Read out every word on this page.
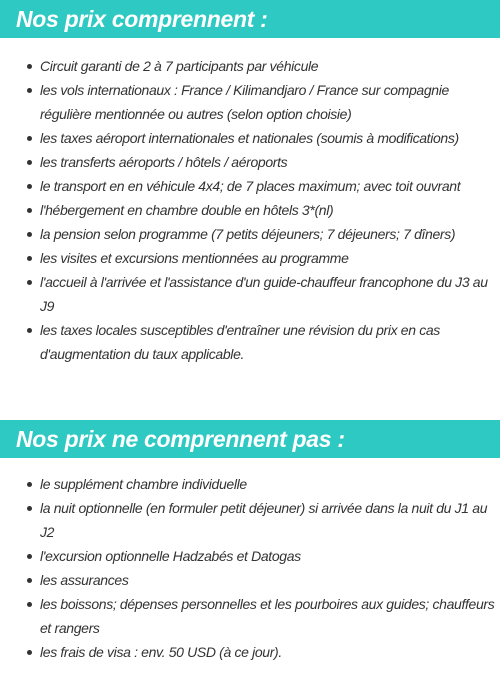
Nos prix comprennent :
Circuit garanti de 2 à 7 participants par véhicule
les vols internationaux : France / Kilimandjaro / France sur compagnie régulière mentionnée ou autres (selon option choisie)
les taxes aéroport internationales et nationales (soumis à modifications)
les transferts aéroports / hôtels / aéroports
le transport en en véhicule 4x4; de 7 places maximum; avec toit ouvrant
l'hébergement en chambre double en hôtels 3*(nl)
la pension selon programme (7 petits déjeuners; 7 déjeuners; 7 dîners)
les visites et excursions mentionnées au programme
l'accueil à l'arrivée et l'assistance d'un guide-chauffeur francophone du J3 au J9
les taxes locales susceptibles d'entraîner une révision du prix en cas d'augmentation du taux applicable.
Nos prix ne comprennent pas :
le supplément chambre individuelle
la nuit optionnelle (en formuler petit déjeuner) si arrivée dans la nuit du J1 au J2
l'excursion optionnelle Hadzabés et Datogas
les assurances
les boissons; dépenses personnelles et les pourboires aux guides; chauffeurs et rangers
les frais de visa : env. 50 USD (à ce jour).
